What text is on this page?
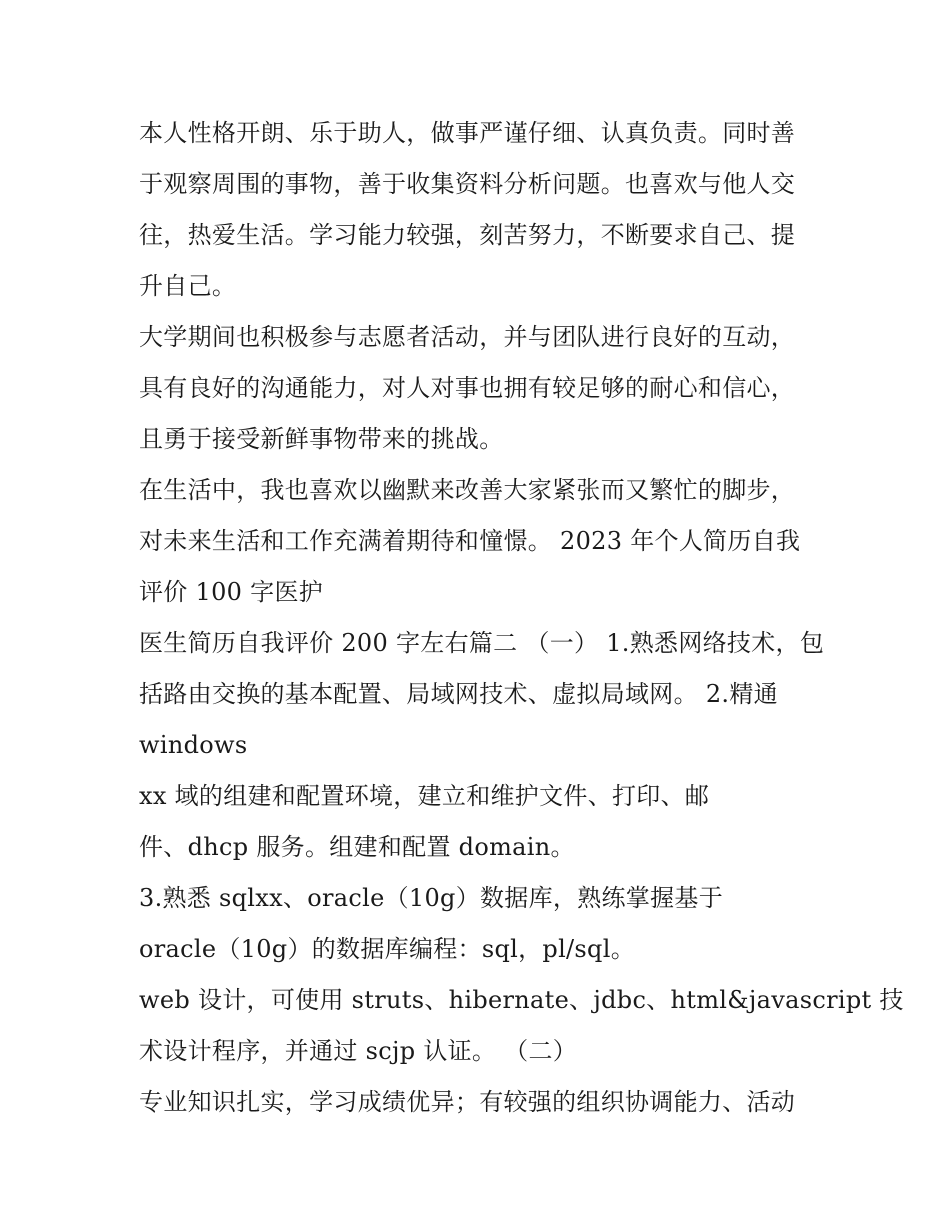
本人性格开朗、乐于助人，做事严谨仔细、认真负责。同时善
于观察周围的事物，善于收集资料分析问题。也喜欢与他人交
往，热爱生活。学习能力较强，刻苦努力，不断要求自己、提
升自己。
大学期间也积极参与志愿者活动，并与团队进行良好的互动，
具有良好的沟通能力，对人对事也拥有较足够的耐心和信心，
且勇于接受新鲜事物带来的挑战。
在生活中，我也喜欢以幽默来改善大家紧张而又繁忙的脚步，
对未来生活和工作充满着期待和憧憬。 2023 年个人简历自我
评价 100 字医护
医生简历自我评价 200 字左右篇二 （一） 1.熟悉网络技术，包
括路由交换的基本配置、局域网技术、虚拟局域网。 2.精通
windows
xx 域的组建和配置环境，建立和维护文件、打印、邮
件、dhcp 服务。组建和配置 domain。
3.熟悉 sqlxx、oracle（10g）数据库，熟练掌握基于
oracle（10g）的数据库编程：sql，pl/sql。
web 设计，可使用 struts、hibernate、jdbc、html&javascript 技
术设计程序，并通过 scjp 认证。 （二）
专业知识扎实，学习成绩优异；有较强的组织协调能力、活动
